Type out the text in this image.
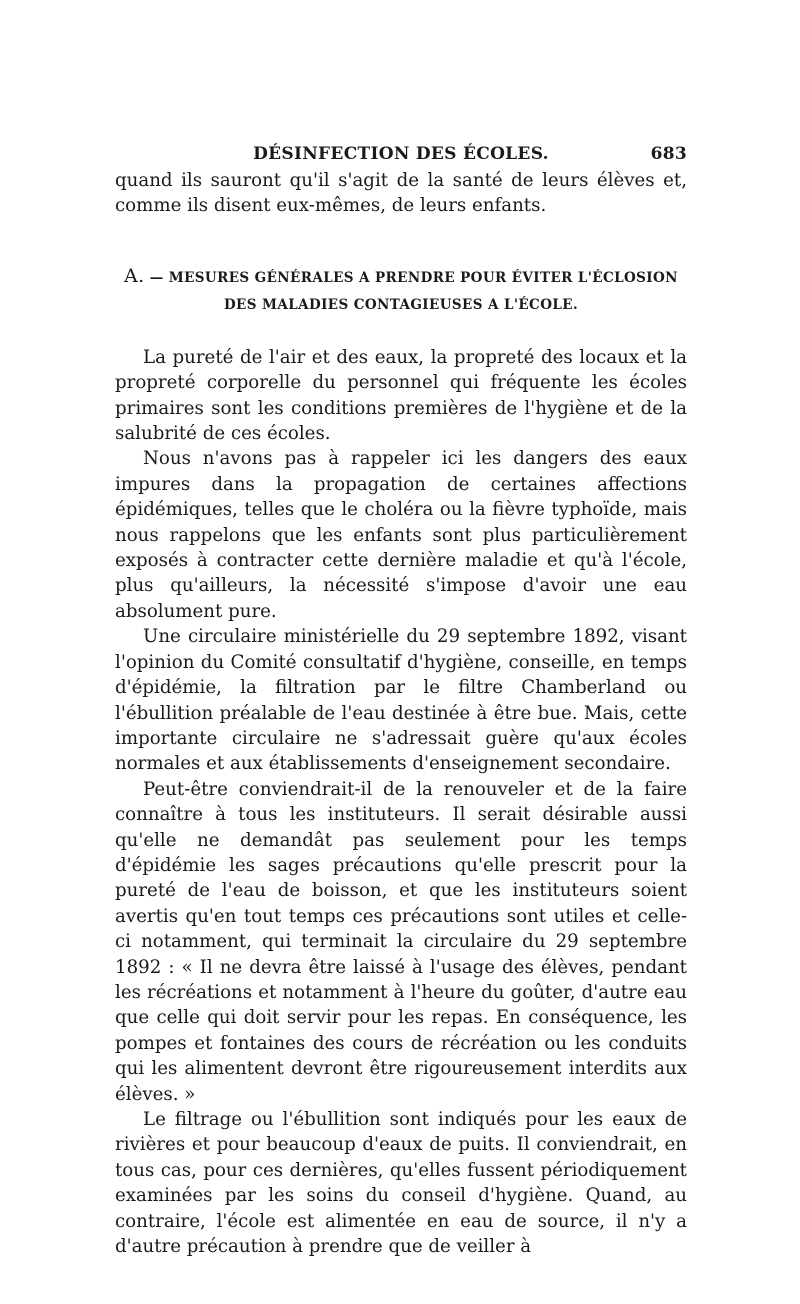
DÉSINFECTION DES ÉCOLES.	683

quand ils sauront qu'il s'agit de la santé de leurs élèves et, comme ils disent eux-mêmes, de leurs enfants.

A. — MESURES GÉNÉRALES A PRENDRE POUR ÉVITER L'ÉCLOSION
DES MALADIES CONTAGIEUSES A L'ÉCOLE.

La pureté de l'air et des eaux, la propreté des locaux et la propreté corporelle du personnel qui fréquente les écoles primaires sont les conditions premières de l'hygiène et de la salubrité de ces écoles.

Nous n'avons pas à rappeler ici les dangers des eaux impures dans la propagation de certaines affections épidémiques, telles que le choléra ou la fièvre typhoïde, mais nous rappelons que les enfants sont plus particulièrement exposés à contracter cette dernière maladie et qu'à l'école, plus qu'ailleurs, la nécessité s'impose d'avoir une eau absolument pure.

Une circulaire ministérielle du 29 septembre 1892, visant l'opinion du Comité consultatif d'hygiène, conseille, en temps d'épidémie, la filtration par le filtre Chamberland ou l'ébullition préalable de l'eau destinée à être bue. Mais, cette importante circulaire ne s'adressait guère qu'aux écoles normales et aux établissements d'enseignement secondaire.

Peut-être conviendrait-il de la renouveler et de la faire connaître à tous les instituteurs. Il serait désirable aussi qu'elle ne demandât pas seulement pour les temps d'épidémie les sages précautions qu'elle prescrit pour la pureté de l'eau de boisson, et que les instituteurs soient avertis qu'en tout temps ces précautions sont utiles et celle-ci notamment, qui terminait la circulaire du 29 septembre 1892 : « Il ne devra être laissé à l'usage des élèves, pendant les récréations et notamment à l'heure du goûter, d'autre eau que celle qui doit servir pour les repas. En conséquence, les pompes et fontaines des cours de récréation ou les conduits qui les alimentent devront être rigoureusement interdits aux élèves. »

Le filtrage ou l'ébullition sont indiqués pour les eaux de rivières et pour beaucoup d'eaux de puits. Il conviendrait, en tous cas, pour ces dernières, qu'elles fussent périodiquement examinées par les soins du conseil d'hygiène. Quand, au contraire, l'école est alimentée en eau de source, il n'y a d'autre précaution à prendre que de veiller à
